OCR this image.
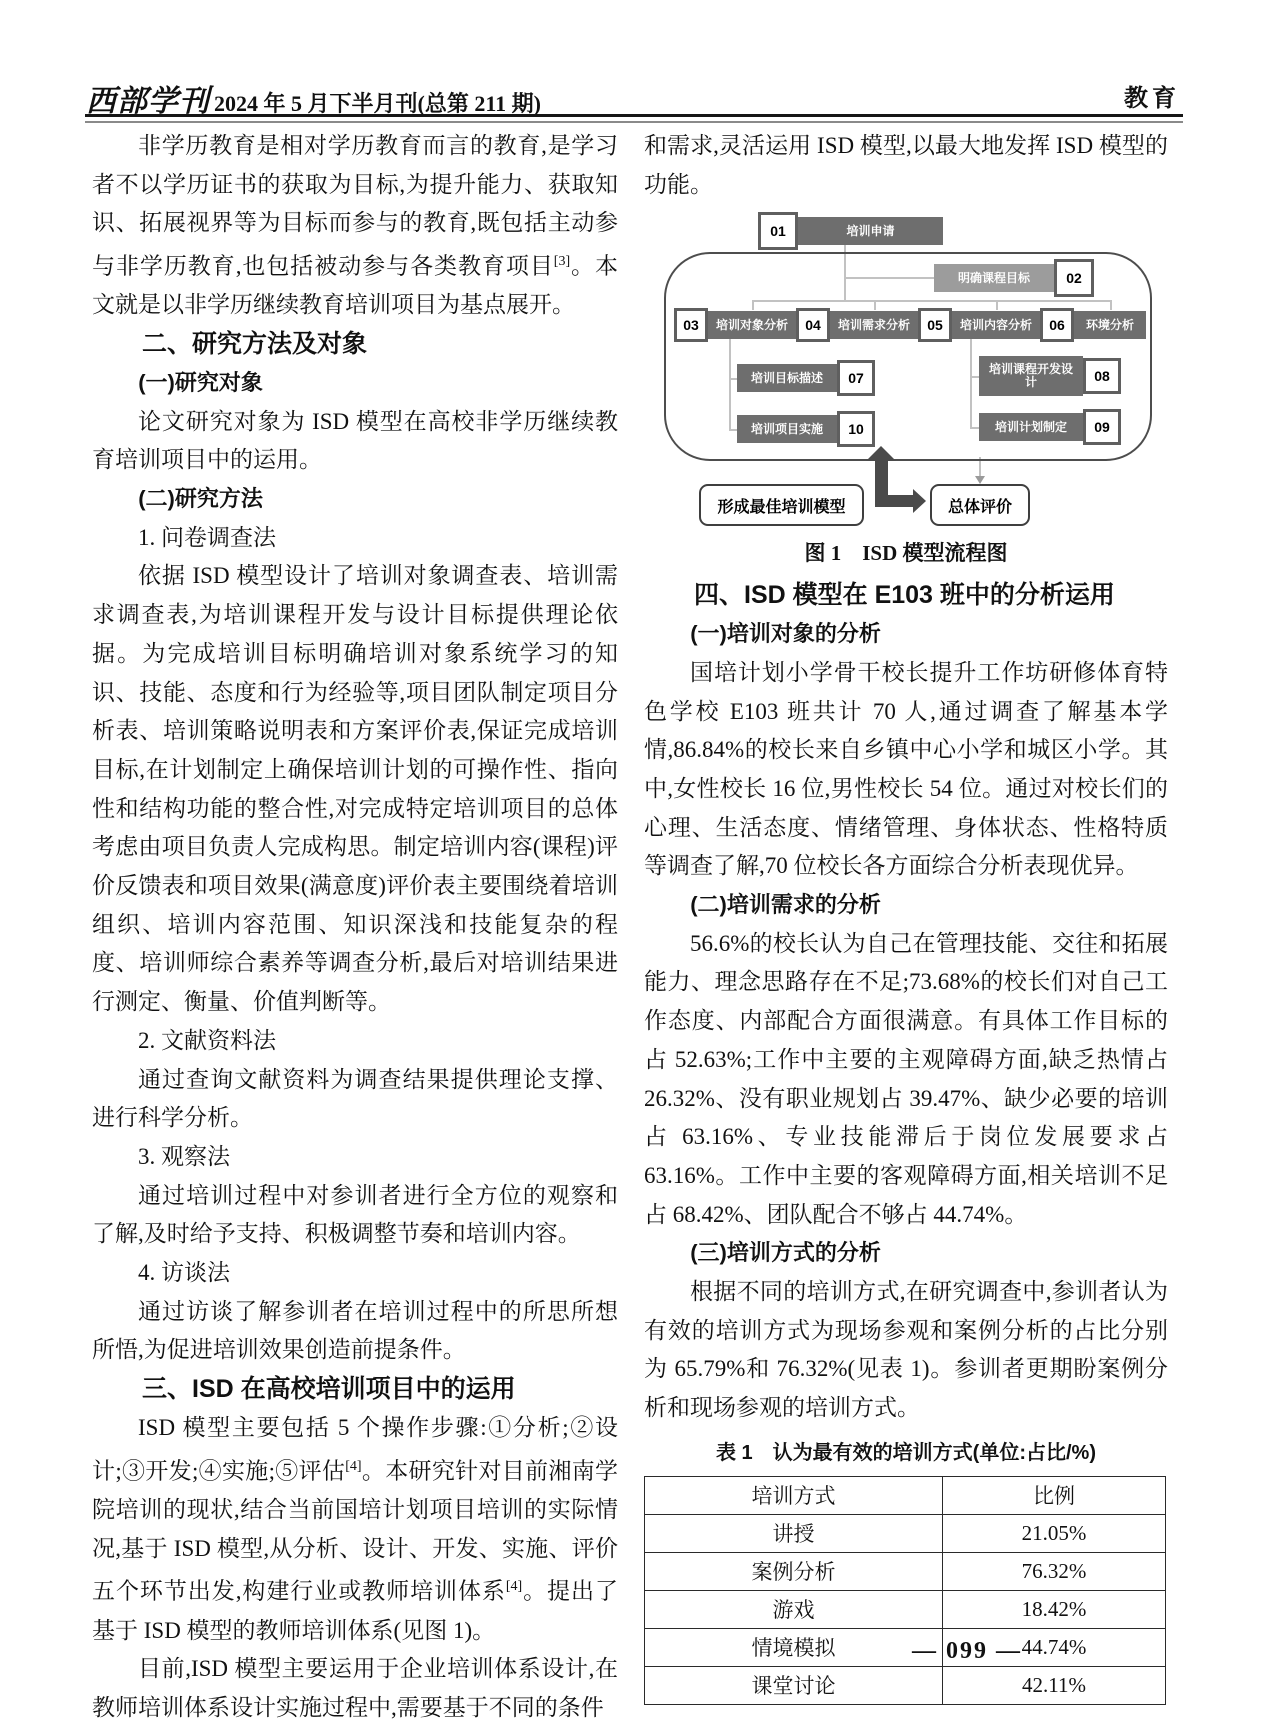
西部学刊 2024 年 5 月下半月刊(总第 211 期)	教育

非学历教育是相对学历教育而言的教育,是学习者不以学历证书的获取为目标,为提升能力、获取知识、拓展视界等为目标而参与的教育,既包括主动参与非学历教育,也包括被动参与各类教育项目[3]。本文就是以非学历继续教育培训项目为基点展开。

二、研究方法及对象

(一)研究对象

论文研究对象为 ISD 模型在高校非学历继续教育培训项目中的运用。

(二)研究方法

1. 问卷调查法

依据 ISD 模型设计了培训对象调查表、培训需求调查表,为培训课程开发与设计目标提供理论依据。为完成培训目标明确培训对象系统学习的知识、技能、态度和行为经验等,项目团队制定项目分析表、培训策略说明表和方案评价表,保证完成培训目标,在计划制定上确保培训计划的可操作性、指向性和结构功能的整合性,对完成特定培训项目的总体考虑由项目负责人完成构思。制定培训内容(课程)评价反馈表和项目效果(满意度)评价表主要围绕着培训组织、培训内容范围、知识深浅和技能复杂的程度、培训师综合素养等调查分析,最后对培训结果进行测定、衡量、价值判断等。

2. 文献资料法

通过查询文献资料为调查结果提供理论支撑、进行科学分析。

3. 观察法

通过培训过程中对参训者进行全方位的观察和了解,及时给予支持、积极调整节奏和培训内容。

4. 访谈法

通过访谈了解参训者在培训过程中的所思所想所悟,为促进培训效果创造前提条件。

三、ISD 在高校培训项目中的运用

ISD 模型主要包括 5 个操作步骤:①分析;②设计;③开发;④实施;⑤评估[4]。本研究针对目前湘南学院培训的现状,结合当前国培计划项目培训的实际情况,基于 ISD 模型,从分析、设计、开发、实施、评价五个环节出发,构建行业或教师培训体系[4]。提出了基于 ISD 模型的教师培训体系(见图 1)。

目前,ISD 模型主要运用于企业培训体系设计,在教师培训体系设计实施过程中,需要基于不同的条件

和需求,灵活运用 ISD 模型,以最大地发挥 ISD 模型的功能。

01	培训申请
明确课程目标	02
03	培训对象分析	04	培训需求分析	05	培训内容分析	06	环境分析
培训目标描述	07
培训项目实施	10
培训课程开发设计	08
培训计划制定	09
形成最佳培训模型	总体评价

图 1　ISD 模型流程图

四、ISD 模型在 E103 班中的分析运用

(一)培训对象的分析

国培计划小学骨干校长提升工作坊研修体育特色学校 E103 班共计 70 人,通过调查了解基本学情,86.84%的校长来自乡镇中心小学和城区小学。其中,女性校长 16 位,男性校长 54 位。通过对校长们的心理、生活态度、情绪管理、身体状态、性格特质等调查了解,70 位校长各方面综合分析表现优异。

(二)培训需求的分析

56.6%的校长认为自己在管理技能、交往和拓展能力、理念思路存在不足;73.68%的校长们对自己工作态度、内部配合方面很满意。有具体工作目标的占 52.63%;工作中主要的主观障碍方面,缺乏热情占 26.32%、没有职业规划占 39.47%、缺少必要的培训占 63.16%、专业技能滞后于岗位发展要求占 63.16%。工作中主要的客观障碍方面,相关培训不足占 68.42%、团队配合不够占 44.74%。

(三)培训方式的分析

根据不同的培训方式,在研究调查中,参训者认为有效的培训方式为现场参观和案例分析的占比分别为 65.79%和 76.32%(见表 1)。参训者更期盼案例分析和现场参观的培训方式。

表 1　认为最有效的培训方式(单位:占比/%)

培训方式	比例
讲授	21.05%
案例分析	76.32%
游戏	18.42%
情境模拟	44.74%
课堂讨论	42.11%
— 099 —
